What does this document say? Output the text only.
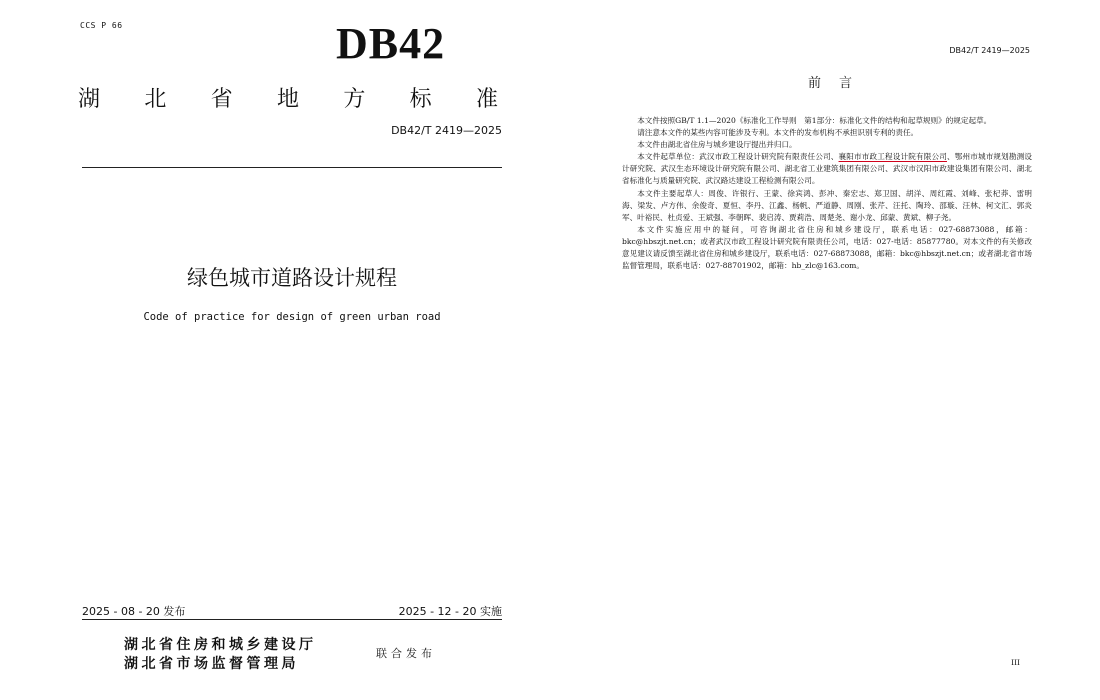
CCS P 66	DB42
湖 北 省 地 方 标 准
DB42/T 2419—2025
绿色城市道路设计规程
Code of practice for design of green urban road
2025 - 08 - 20 发布	2025 - 12 - 20 实施
湖北省住房和城乡建设厅
湖北省市场监督管理局
联合发布
DB42/T 2419—2025
前言

本文件按照GB/T 1.1—2020《标准化工作导则　第1部分：标准化文件的结构和起草规则》的规定起草。

请注意本文件的某些内容可能涉及专利。本文件的发布机构不承担识别专利的责任。

本文件由湖北省住房与城乡建设厅提出并归口。

本文件起草单位：武汉市政工程设计研究院有限责任公司、襄阳市市政工程设计院有限公司、鄂州市城市规划勘测设计研究院、武汉生态环境设计研究院有限公司、湖北省工业建筑集团有限公司、武汉市汉阳市政建设集团有限公司、湖北省标准化与质量研究院、武汉路达建设工程检测有限公司。

本文件主要起草人：周俊、许银行、王蒙、徐宾鸿、彭冲、秦宏志、郑卫国、胡洋、周红霞、刘峰、张杞莽、雷明海、梁发、卢方伟、余俊奇、夏恒、李丹、江鑫、杨帆、严道静、周刚、张芹、汪托、陶玲、邵璇、汪林、柯文汇、郭炎军、叶裕民、杜贞爱、王斌强、李朝晖、裴启涛、贾莉浩、周楚尧、谢小龙、邱蒙、黄斌、柳子尧。

本文件实施应用中的疑问，可咨询湖北省住房和城乡建设厅，联系电话：027-68873088，邮箱：bkc@hbszjt.net.cn；或者武汉市政工程设计研究院有限责任公司，电话：027-电话：85877780。对本文件的有关修改意见建议请反馈至湖北省住房和城乡建设厅，联系电话：027-68873088，邮箱：bkc@hbszjt.net.cn；或者湖北省市场监督管理局，联系电话：027-88701902，邮箱：hb_zlc@163.com。

III
